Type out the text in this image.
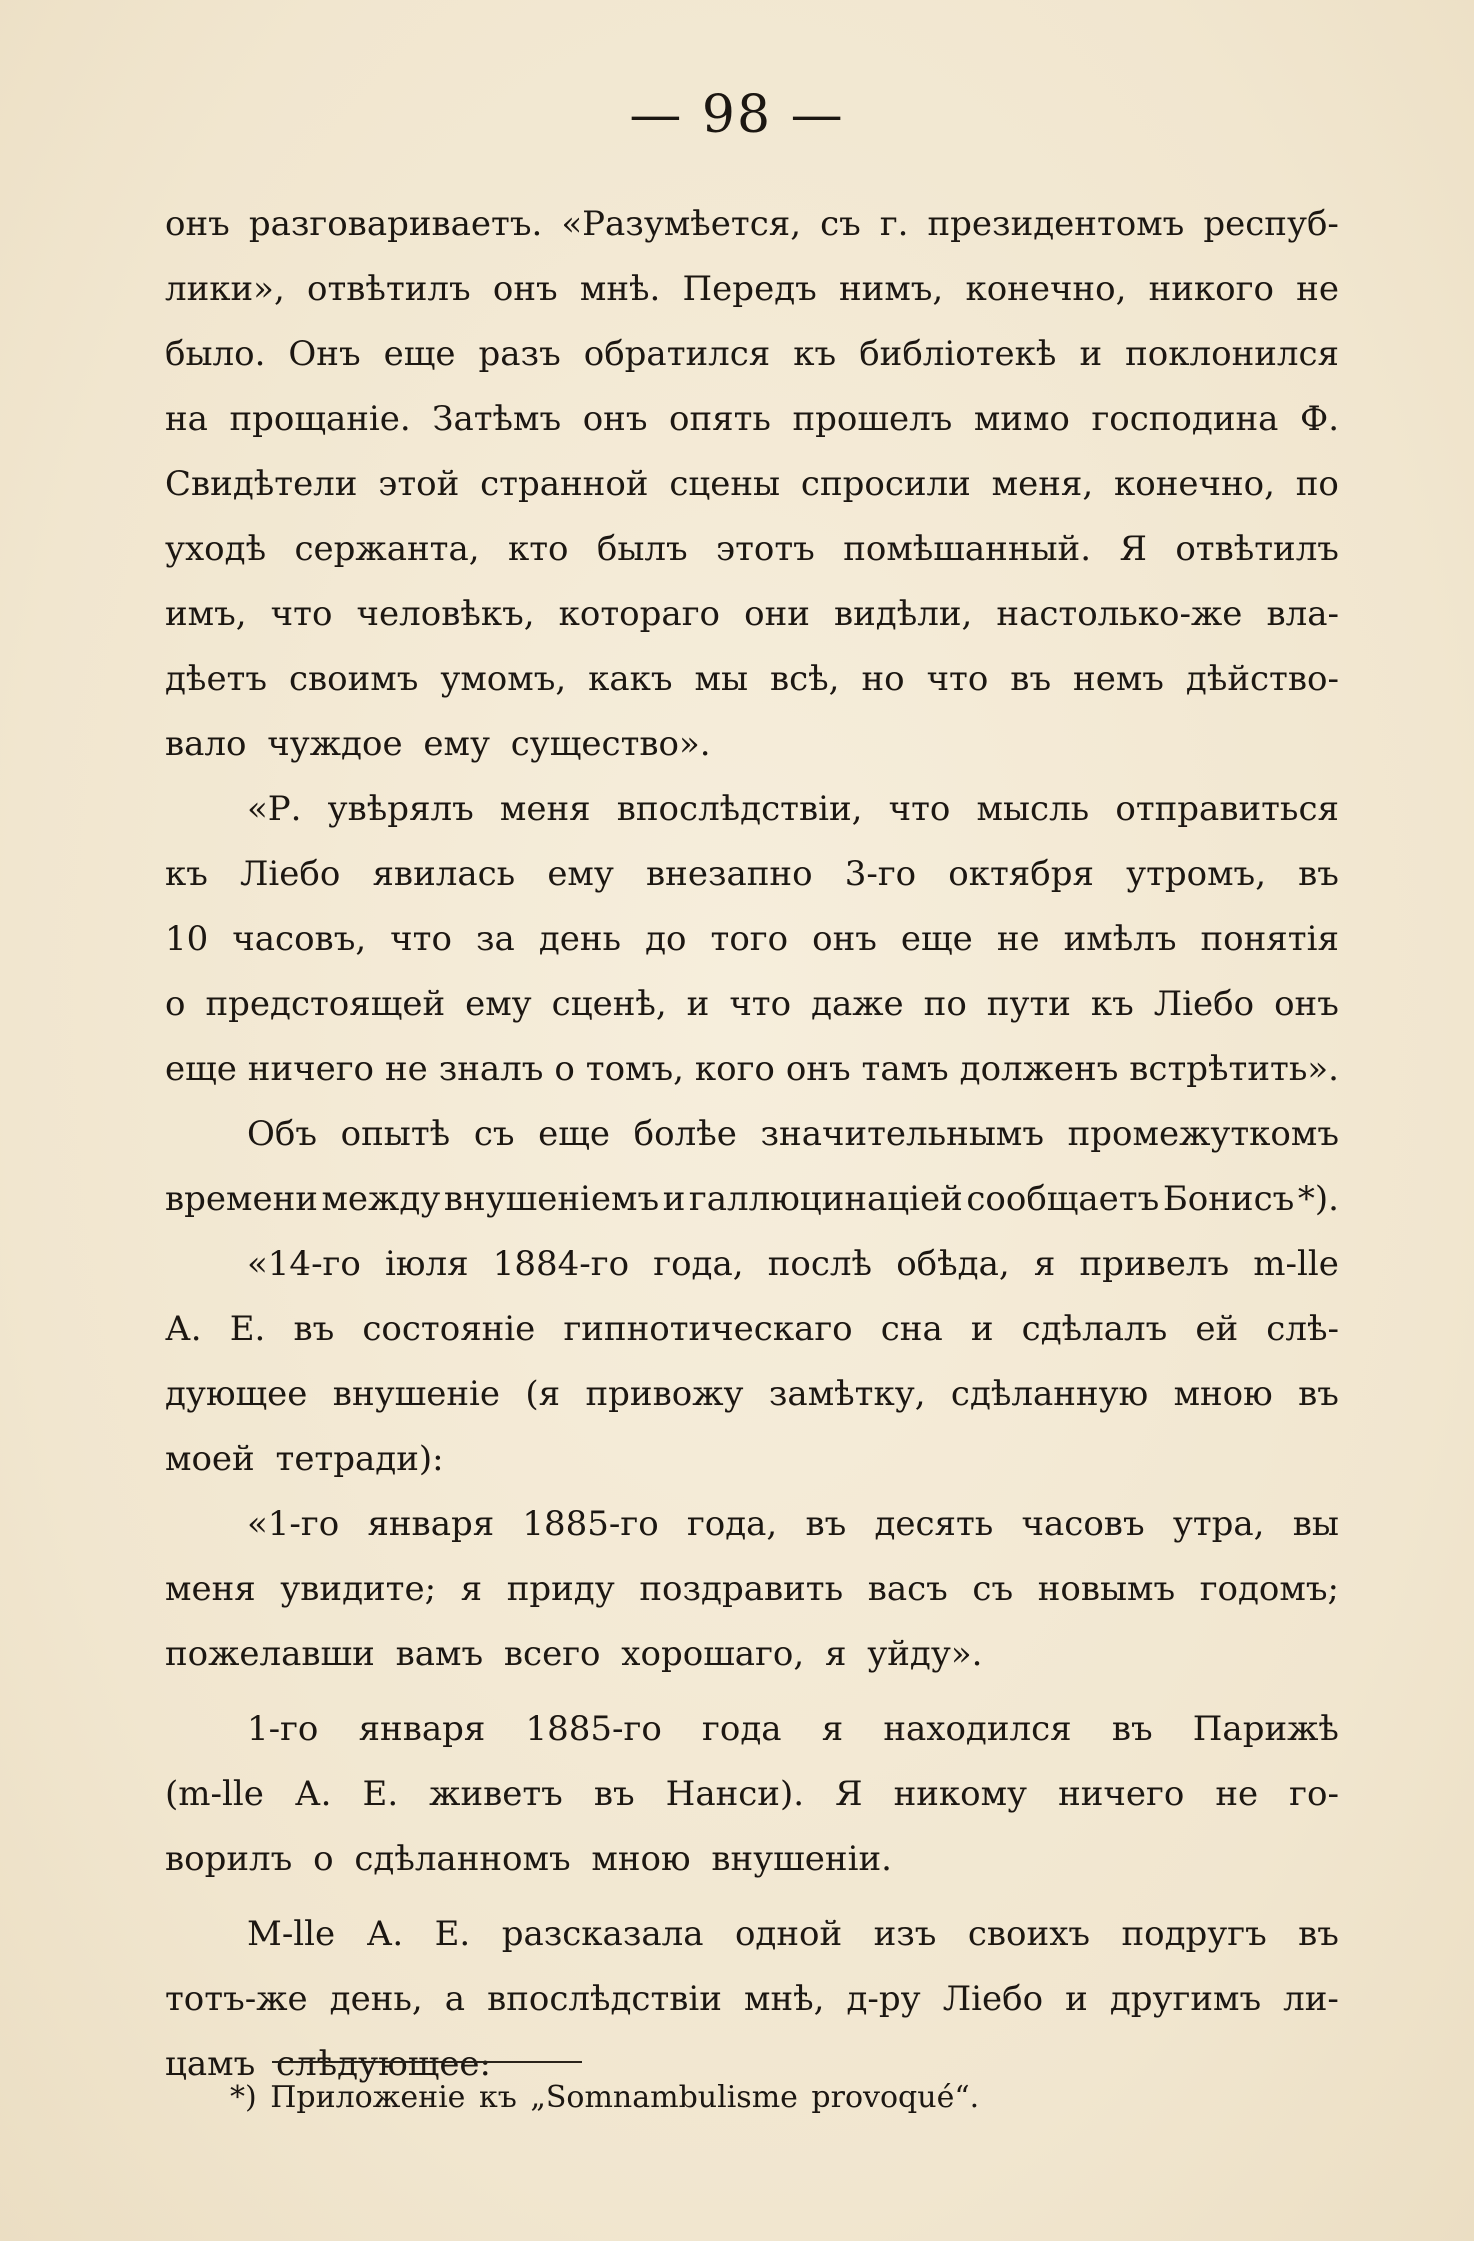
— 98 —
онъ разговариваетъ. «Разумѣется, съ г. президентомъ респуб-
лики», отвѣтилъ онъ мнѣ. Передъ нимъ, конечно, никого не
было. Онъ еще разъ обратился къ библіотекѣ и поклонился
на прощаніе. Затѣмъ онъ опять прошелъ мимо господина Ф.
Свидѣтели этой странной сцены спросили меня, конечно, по
уходѣ сержанта, кто былъ этотъ помѣшанный. Я отвѣтилъ
имъ, что человѣкъ, котораго они видѣли, настолько-же вла-
дѣетъ своимъ умомъ, какъ мы всѣ, но что въ немъ дѣйство-
вало чуждое ему существо».
«Р. увѣрялъ меня впослѣдствіи, что мысль отправиться
къ Ліебо явилась ему внезапно 3-го октября утромъ, въ
10 часовъ, что за день до того онъ еще не имѣлъ понятія
о предстоящей ему сценѣ, и что даже по пути къ Ліебо онъ
еще ничего не зналъ о томъ, кого онъ тамъ долженъ встрѣтить».
Объ опытѣ съ еще болѣе значительнымъ промежуткомъ
времени между внушеніемъ и галлюцинаціей сообщаетъ Бонисъ *).
«14-го іюля 1884-го года, послѣ обѣда, я привелъ m-lle
А. Е. въ состояніе гипнотическаго сна и сдѣлалъ ей слѣ-
дующее внушеніе (я привожу замѣтку, сдѣланную мною въ
моей тетради):
«1-го января 1885-го года, въ десять часовъ утра, вы
меня увидите; я приду поздравить васъ съ новымъ годомъ;
пожелавши вамъ всего хорошаго, я уйду».
1-го января 1885-го года я находился въ Парижѣ
(m-lle А. Е. живетъ въ Нанси). Я никому ничего не го-
ворилъ о сдѣланномъ мною внушеніи.
M-lle А. Е. разсказала одной изъ своихъ подругъ въ
тотъ-же день, а впослѣдствіи мнѣ, д-ру Ліебо и другимъ ли-
цамъ слѣдующее:
*) Приложеніе къ „Somnambulisme provoqué“.
